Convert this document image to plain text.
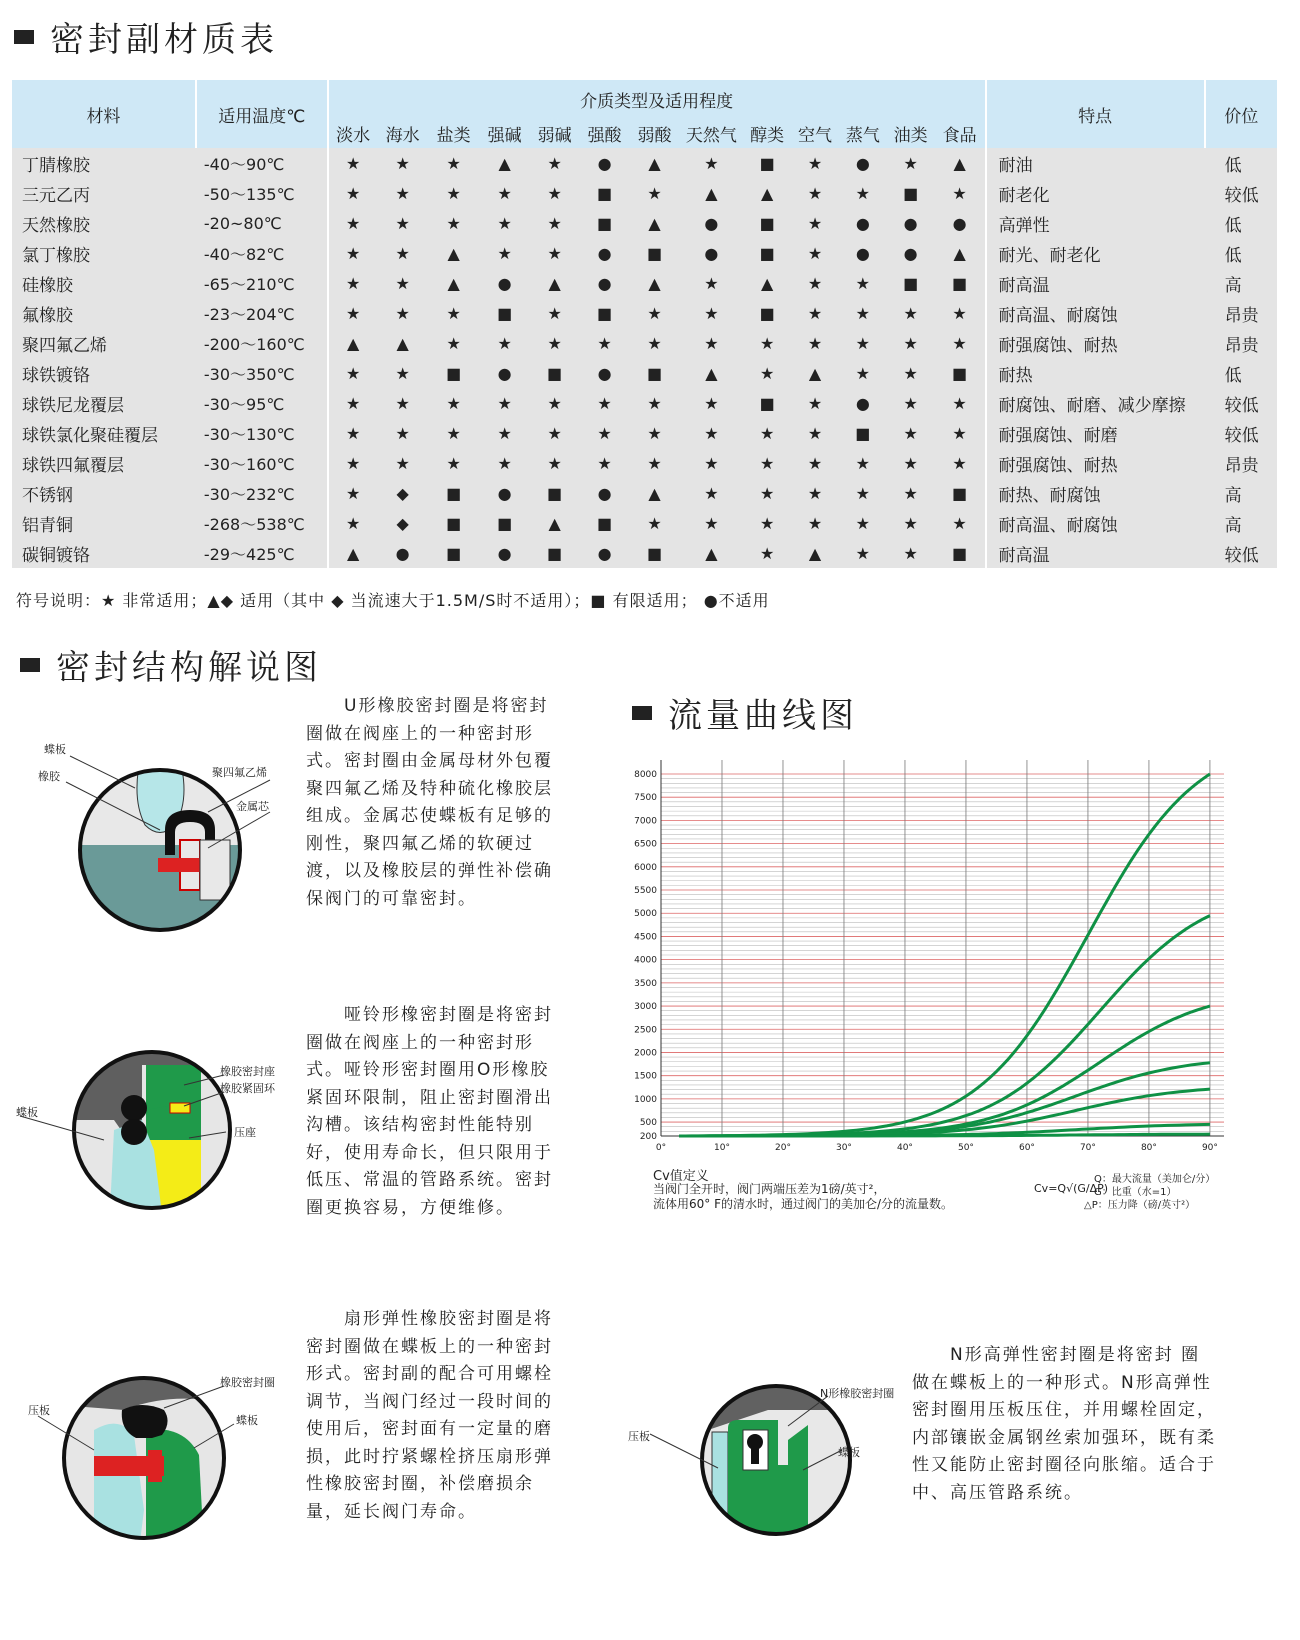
密封副材质表
材料	适用温度℃	介质类型及适用程度													特点	价位
		淡水	海水	盐类	强碱	弱碱	强酸	弱酸	天然气	醇类	空气	蒸气	油类	食品		
丁腈橡胶	-40～90℃	★	★	★	▲	★	●	▲	★	■	★	●	★	▲	耐油	低
三元乙丙	-50～135℃	★	★	★	★	★	■	★	▲	▲	★	★	■	★	耐老化	较低
天然橡胶	-20~80℃	★	★	★	★	★	■	▲	●	■	★	●	●	●	高弹性	低
氯丁橡胶	-40～82℃	★	★	▲	★	★	●	■	●	■	★	●	●	▲	耐光、耐老化	低
硅橡胶	-65～210℃	★	★	▲	●	▲	●	▲	★	▲	★	★	■	■	耐高温	高
氟橡胶	-23～204℃	★	★	★	■	★	■	★	★	■	★	★	★	★	耐高温、耐腐蚀	昂贵
聚四氟乙烯	-200～160℃	▲	▲	★	★	★	★	★	★	★	★	★	★	★	耐强腐蚀、耐热	昂贵
球铁镀铬	-30～350℃	★	★	■	●	■	●	■	▲	★	▲	★	★	■	耐热	低
球铁尼龙覆层	-30～95℃	★	★	★	★	★	★	★	★	■	★	●	★	★	耐腐蚀、耐磨、减少摩擦	较低
球铁氯化聚硅覆层	-30～130℃	★	★	★	★	★	★	★	★	★	★	■	★	★	耐强腐蚀、耐磨	较低
球铁四氟覆层	-30～160℃	★	★	★	★	★	★	★	★	★	★	★	★	★	耐强腐蚀、耐热	昂贵
不锈钢	-30～232℃	★	◆	■	●	■	●	▲	★	★	★	★	★	■	耐热、耐腐蚀	高
铝青铜	-268～538℃	★	◆	■	■	▲	■	★	★	★	★	★	★	★	耐高温、耐腐蚀	高
碳铜镀铬	-29～425℃	▲	●	■	●	■	●	■	▲	★	▲	★	★	■	耐高温	较低
符号说明：★ 非常适用；▲◆ 适用（其中 ◆ 当流速大于1.5M/S时不适用）；■ 有限适用； ●不适用
密封结构解说图
流量曲线图
蝶板
橡胶	聚四氟乙烯
金属芯
　　U形橡胶密封圈是将密封圈做在阀座上的一种密封形式。密封圈由金属母材外包覆聚四氟乙烯及特种硫化橡胶层组成。金属芯使蝶板有足够的刚性，聚四氟乙烯的软硬过渡，以及橡胶层的弹性补偿确保阀门的可靠密封。
橡胶密封座
橡胶紧固环
蝶板
压座
　　哑铃形橡密封圈是将密封圈做在阀座上的一种密封形式。哑铃形密封圈用O形橡胶紧固环限制，阻止密封圈滑出沟槽。该结构密封性能特别好，使用寿命长，但只限用于低压、常温的管路系统。密封圈更换容易，方便维修。
橡胶密封圈
压板
蝶板
　　扇形弹性橡胶密封圈是将密封圈做在蝶板上的一种密封形式。密封副的配合可用螺栓调节，当阀门经过一段时间的使用后，密封面有一定量的磨损，此时拧紧螺栓挤压扇形弹性橡胶密封圈，补偿磨损余量，延长阀门寿命。
N形橡胶密封圈
压板
蝶板
　　N形高弹性密封圈是将密封 圈做在蝶板上的一种形式。N形高弹性密封圈用压板压住，并用螺栓固定，内部镶嵌金属钢丝索加强环，既有柔性又能防止密封圈径向胀缩。适合于中、高压管路系统。
200
500
1000
1500
2000
2500
3000
3500
4000
4500
5000
5500
6000
6500
7000
7500
8000
0°	10°	20°	30°	40°	50°	60°	70°	80°	90°
Cv值定义
当阀门全开时，阀门两端压差为1磅/英寸²，
流体用60° F的清水时，通过阀门的美加仑/分的流量数。
Cv=Q√(G/ΔP)
Q：最大流量（美加仑/分）
G：比重（水=1）
△P：压力降（磅/英寸²）
